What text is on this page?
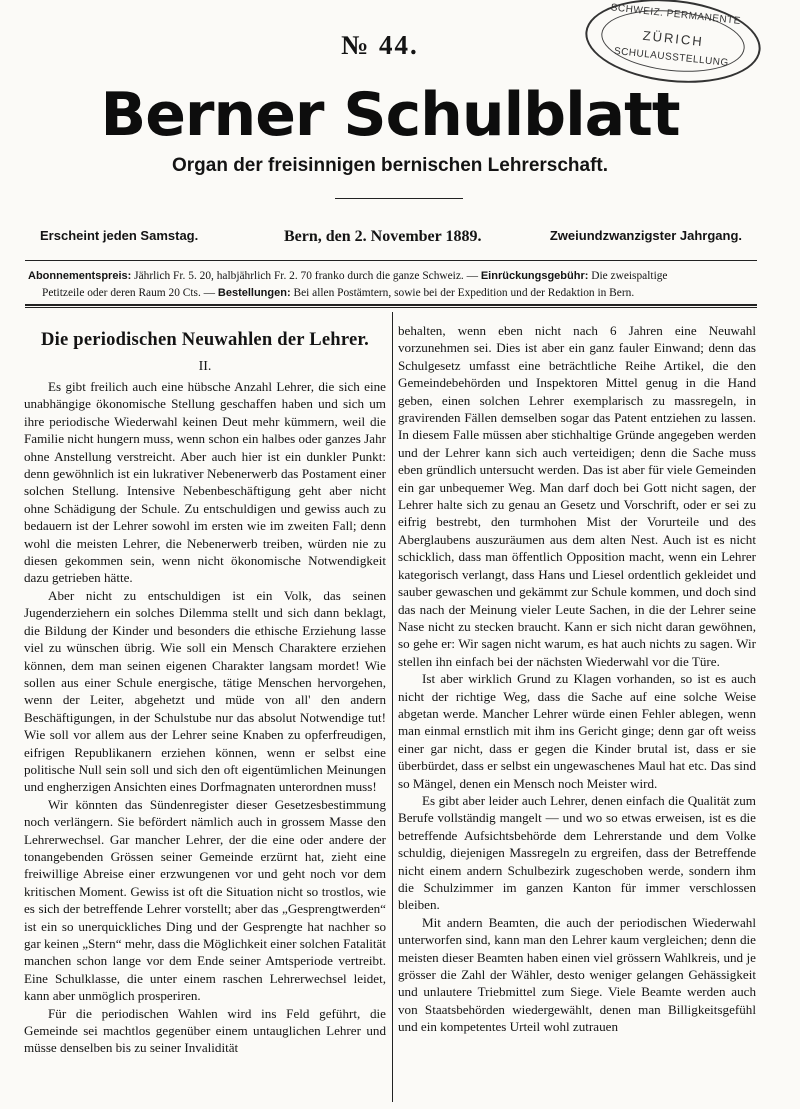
SCHWEIZ. PERMANENTE
ZÜRICH
SCHULAUSSTELLUNG
№ 44.
Berner Schulblatt
Organ der freisinnigen bernischen Lehrerschaft.
Erscheint jeden Samstag.	Bern, den 2. November 1889.	Zweiundzwanzigster Jahrgang.
Abonnementspreis: Jährlich Fr. 5. 20, halbjährlich Fr. 2. 70 franko durch die ganze Schweiz. — Einrückungsgebühr: Die zweispaltige
Petitzeile oder deren Raum 20 Cts. — Bestellungen: Bei allen Postämtern, sowie bei der Expedition und der Redaktion in Bern.
Die periodischen Neuwahlen der Lehrer.
II.

Es gibt freilich auch eine hübsche Anzahl Lehrer, die sich eine unabhängige ökonomische Stellung geschaffen haben und sich um ihre periodische Wiederwahl keinen Deut mehr kümmern, weil die Familie nicht hungern muss, wenn schon ein halbes oder ganzes Jahr ohne Anstellung verstreicht. Aber auch hier ist ein dunkler Punkt: denn gewöhnlich ist ein lukrativer Nebenerwerb das Postament einer solchen Stellung. Intensive Nebenbeschäftigung geht aber nicht ohne Schädigung der Schule. Zu entschuldigen und gewiss auch zu bedauern ist der Lehrer sowohl im ersten wie im zweiten Fall; denn wohl die meisten Lehrer, die Nebenerwerb treiben, würden nie zu diesen gekommen sein, wenn nicht ökonomische Notwendigkeit dazu getrieben hätte.

Aber nicht zu entschuldigen ist ein Volk, das seinen Jugenderziehern ein solches Dilemma stellt und sich dann beklagt, die Bildung der Kinder und besonders die ethische Erziehung lasse viel zu wünschen übrig. Wie soll ein Mensch Charaktere erziehen können, dem man seinen eigenen Charakter langsam mordet! Wie sollen aus einer Schule energische, tätige Menschen hervorgehen, wenn der Leiter, abgehetzt und müde von all' den andern Beschäftigungen, in der Schulstube nur das absolut Notwendige tut! Wie soll vor allem aus der Lehrer seine Knaben zu opferfreudigen, eifrigen Republikanern erziehen können, wenn er selbst eine politische Null sein soll und sich den oft eigentümlichen Meinungen und engherzigen Ansichten eines Dorfmagnaten unterordnen muss!

Wir könnten das Sündenregister dieser Gesetzesbestimmung noch verlängern. Sie befördert nämlich auch in grossem Masse den Lehrerwechsel. Gar mancher Lehrer, der die eine oder andere der tonangebenden Grössen seiner Gemeinde erzürnt hat, zieht eine freiwillige Abreise einer erzwungenen vor und geht noch vor dem kritischen Moment. Gewiss ist oft die Situation nicht so trostlos, wie es sich der betreffende Lehrer vorstellt; aber das „Gesprengtwerden“ ist ein so unerquickliches Ding und der Gesprengte hat nachher so gar keinen „Stern“ mehr, dass die Möglichkeit einer solchen Fatalität manchen schon lange vor dem Ende seiner Amtsperiode vertreibt. Eine Schulklasse, die unter einem raschen Lehrerwechsel leidet, kann aber unmöglich prosperiren.

Für die periodischen Wahlen wird ins Feld geführt, die Gemeinde sei machtlos gegenüber einem untauglichen Lehrer und müsse denselben bis zu seiner Invalidität

behalten, wenn eben nicht nach 6 Jahren eine Neuwahl vorzunehmen sei. Dies ist aber ein ganz fauler Einwand; denn das Schulgesetz umfasst eine beträchtliche Reihe Artikel, die den Gemeindebehörden und Inspektoren Mittel genug in die Hand geben, einen solchen Lehrer exemplarisch zu massregeln, in gravirenden Fällen demselben sogar das Patent entziehen zu lassen. In diesem Falle müssen aber stichhaltige Gründe angegeben werden und der Lehrer kann sich auch verteidigen; denn die Sache muss eben gründlich untersucht werden. Das ist aber für viele Gemeinden ein gar unbequemer Weg. Man darf doch bei Gott nicht sagen, der Lehrer halte sich zu genau an Gesetz und Vorschrift, oder er sei zu eifrig bestrebt, den turmhohen Mist der Vorurteile und des Aberglaubens auszuräumen aus dem alten Nest. Auch ist es nicht schicklich, dass man öffentlich Opposition macht, wenn ein Lehrer kategorisch verlangt, dass Hans und Liesel ordentlich gekleidet und sauber gewaschen und gekämmt zur Schule kommen, und doch sind das nach der Meinung vieler Leute Sachen, in die der Lehrer seine Nase nicht zu stecken braucht. Kann er sich nicht daran gewöhnen, so gehe er: Wir sagen nicht warum, es hat auch nichts zu sagen. Wir stellen ihn einfach bei der nächsten Wiederwahl vor die Türe.

Ist aber wirklich Grund zu Klagen vorhanden, so ist es auch nicht der richtige Weg, dass die Sache auf eine solche Weise abgetan werde. Mancher Lehrer würde einen Fehler ablegen, wenn man einmal ernstlich mit ihm ins Gericht ginge; denn gar oft weiss einer gar nicht, dass er gegen die Kinder brutal ist, dass er sie überbürdet, dass er selbst ein ungewaschenes Maul hat etc. Das sind so Mängel, denen ein Mensch noch Meister wird.

Es gibt aber leider auch Lehrer, denen einfach die Qualität zum Berufe vollständig mangelt — und wo so etwas erweisen, ist es die betreffende Aufsichtsbehörde dem Lehrerstande und dem Volke schuldig, diejenigen Massregeln zu ergreifen, dass der Betreffende nicht einem andern Schulbezirk zugeschoben werde, sondern ihm die Schulzimmer im ganzen Kanton für immer verschlossen bleiben.

Mit andern Beamten, die auch der periodischen Wiederwahl unterworfen sind, kann man den Lehrer kaum vergleichen; denn die meisten dieser Beamten haben einen viel grössern Wahlkreis, und je grösser die Zahl der Wähler, desto weniger gelangen Gehässigkeit und unlautere Triebmittel zum Siege. Viele Beamte werden auch von Staatsbehörden wiedergewählt, denen man Billigkeitsgefühl und ein kompetentes Urteil wohl zutrauen
